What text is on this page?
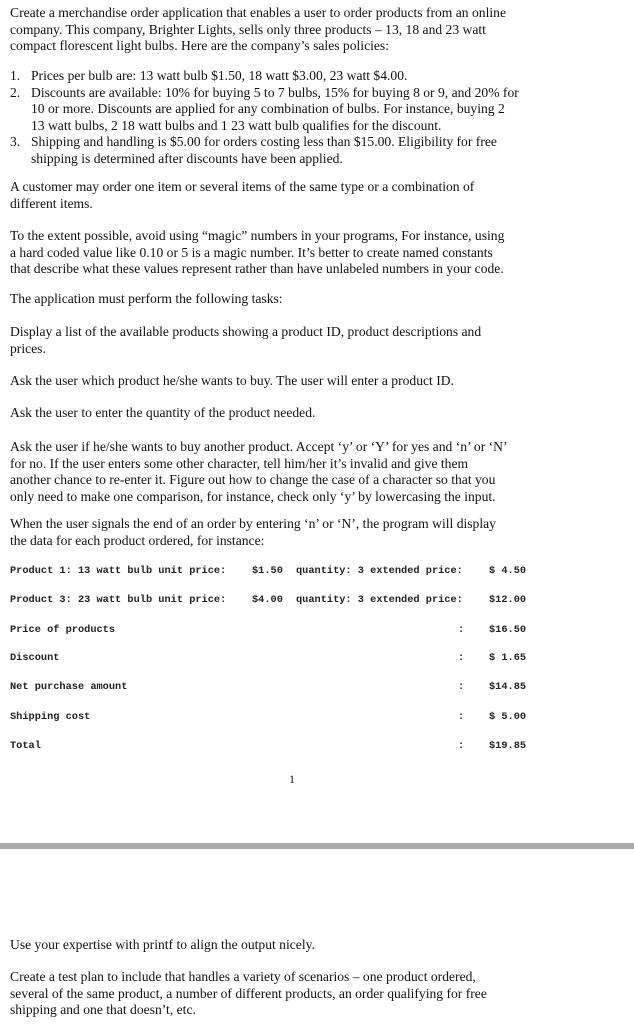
Create a merchandise order application that enables a user to order products from an online
company. This company, Brighter Lights, sells only three products – 13, 18 and 23 watt
compact florescent light bulbs. Here are the company’s sales policies:
1. Prices per bulb are: 13 watt bulb $1.50, 18 watt $3.00, 23 watt $4.00.
2. Discounts are available: 10% for buying 5 to 7 bulbs, 15% for buying 8 or 9, and 20% for
10 or more. Discounts are applied for any combination of bulbs. For instance, buying 2
13 watt bulbs, 2 18 watt bulbs and 1 23 watt bulb qualifies for the discount.
3. Shipping and handling is $5.00 for orders costing less than $15.00. Eligibility for free
shipping is determined after discounts have been applied.
A customer may order one item or several items of the same type or a combination of
different items.
To the extent possible, avoid using “magic” numbers in your programs, For instance, using
a hard coded value like 0.10 or 5 is a magic number. It’s better to create named constants
that describe what these values represent rather than have unlabeled numbers in your code.
The application must perform the following tasks:
Display a list of the available products showing a product ID, product descriptions and
prices.
Ask the user which product he/she wants to buy. The user will enter a product ID.
Ask the user to enter the quantity of the product needed.
Ask the user if he/she wants to buy another product. Accept ‘y’ or ‘Y’ for yes and ‘n’ or ‘N’
for no. If the user enters some other character, tell him/her it’s invalid and give them
another chance to re-enter it. Figure out how to change the case of a character so that you
only need to make one comparison, for instance, check only ‘y’ by lowercasing the input.
When the user signals the end of an order by entering ‘n’ or ‘N’, the program will display
the data for each product ordered, for instance:
Product 1: 13 watt bulb unit price: $1.50 quantity: 3 extended price:	$ 4.50
Product 3: 23 watt bulb unit price: $4.00 quantity: 3 extended price:	$12.00
Price of products	: $16.50
Discount	: $ 1.65
Net purchase amount	: $14.85
Shipping cost	: $ 5.00
Total	: $19.85
1
Use your expertise with printf to align the output nicely.
Create a test plan to include that handles a variety of scenarios – one product ordered,
several of the same product, a number of different products, an order qualifying for free
shipping and one that doesn’t, etc.
